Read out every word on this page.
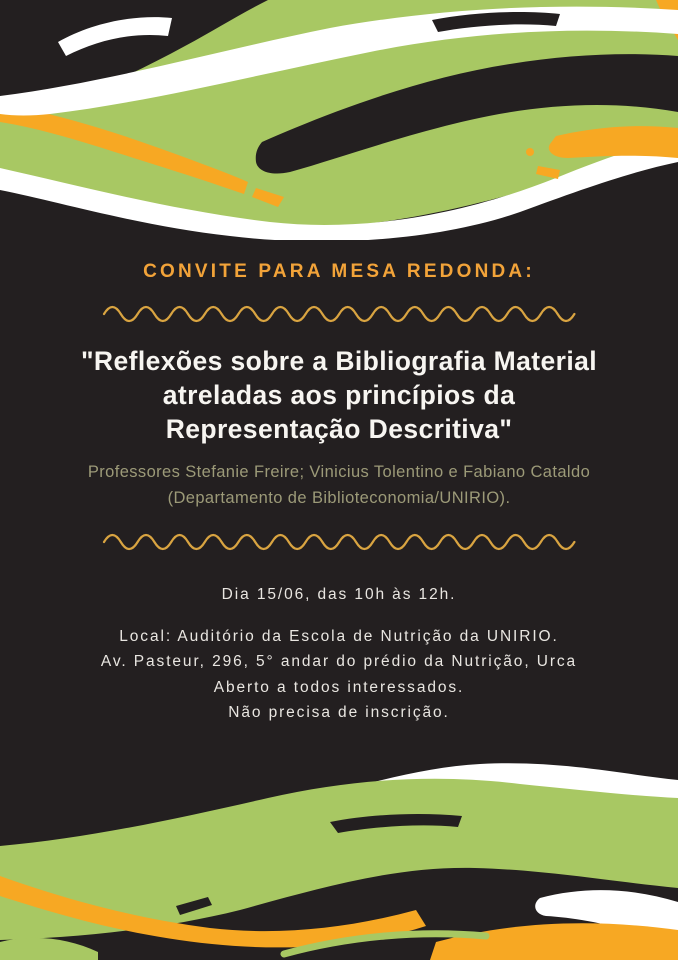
CONVITE PARA MESA REDONDA:
"Reflexões sobre a Bibliografia Material
atreladas aos princípios da
Representação Descritiva"
Professores Stefanie Freire; Vinicius Tolentino e Fabiano Cataldo
(Departamento de Biblioteconomia/UNIRIO).
Dia 15/06, das 10h às 12h.
Local: Auditório da Escola de Nutrição da UNIRIO.
Av. Pasteur, 296, 5° andar do prédio da Nutrição, Urca
Aberto a todos interessados.
Não precisa de inscrição.
